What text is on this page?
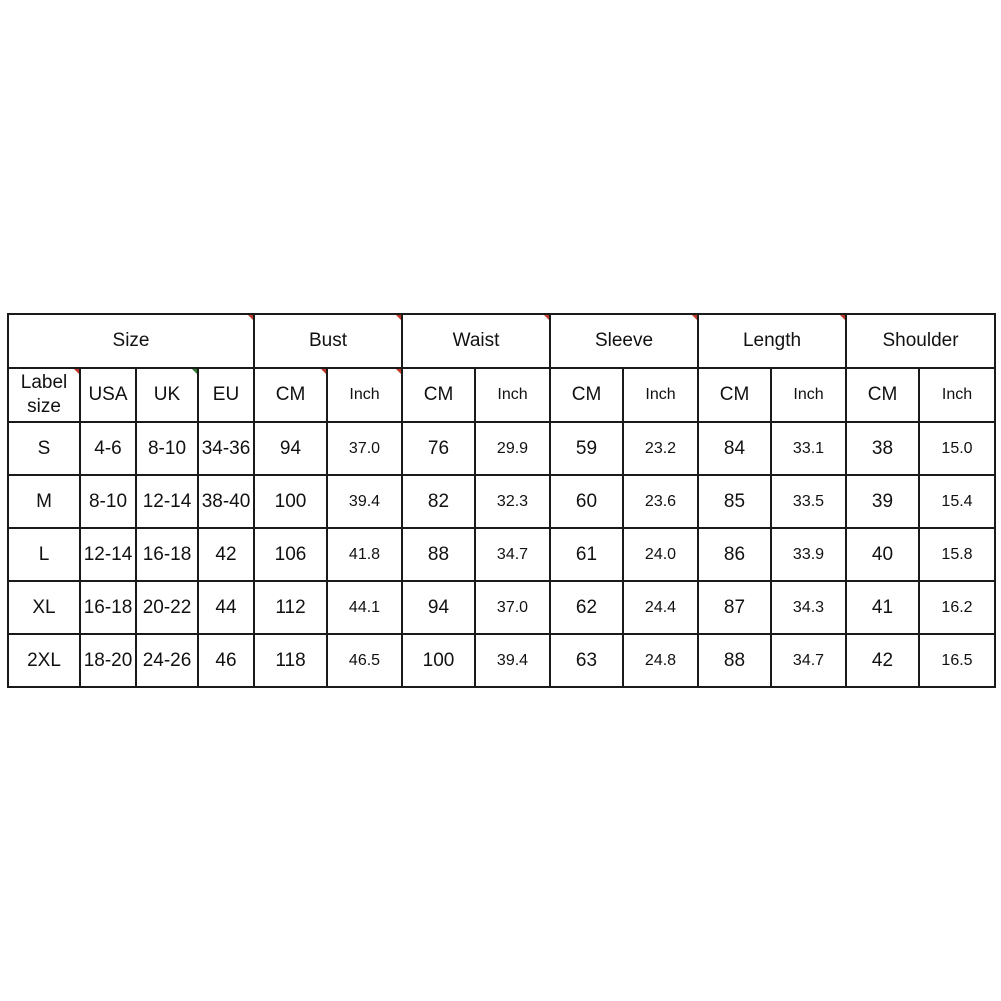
Size				Bust		Waist		Sleeve		Length		Shoulder	
Label size	USA	UK	EU	CM	Inch	CM	Inch	CM	Inch	CM	Inch	CM	Inch
S	4-6	8-10	34-36	94	37.0	76	29.9	59	23.2	84	33.1	38	15.0
M	8-10	12-14	38-40	100	39.4	82	32.3	60	23.6	85	33.5	39	15.4
L	12-14	16-18	42	106	41.8	88	34.7	61	24.0	86	33.9	40	15.8
XL	16-18	20-22	44	112	44.1	94	37.0	62	24.4	87	34.3	41	16.2
2XL	18-20	24-26	46	118	46.5	100	39.4	63	24.8	88	34.7	42	16.5
